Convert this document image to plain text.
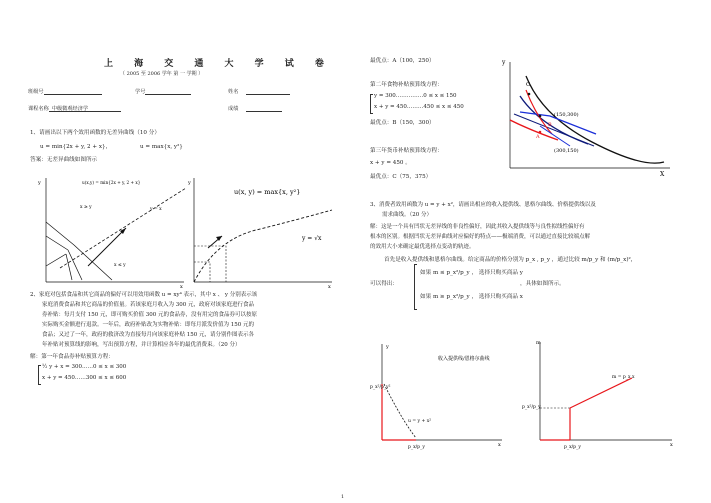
上 海 交 通 大 学 试 卷
（ 2005 至 2006 学年 第 一 学期 ）
班级号	学号	姓名
课程名称 中级微观经济学	成绩
1、请画出以下两个效用函数的无差异曲线（10 分）
u = min{2x + y, 2 + x}，	u = max{x, y²}
答案：无差异曲线如图所示
y
x
u(x,y) = min{2x + y, 2 + x}
x ≥ y	y = x
x ≤ y
y
x
u(x, y) = max{x, y²}
y = √x
2、家庭对包括食品和其它商品的偏好可以用效用函数 u = xy⁴ 表示，其中 x 、 y 分别表示该
家庭消费食品和其它商品的价值量。若该家庭月收入为 300 元，政府对该家庭进行食品
券补贴：每月支付 150 元，即可购买价值 300 元的食品券，没有用完的食品券可以按原
实际购买金额进行退款。一年后，政府补贴改为实物补贴：即每月派发价值为 150 元的
食品；又过了一年，政府的救济改为直接每月向该家庭补贴 150 元，请分别作图表示各
年补贴对预算线的影响，写出预算方程，并计算相应各年的最优消费束。（20 分）
解：第一年食品券补贴预算方程：
½ y + x = 300……0 ≤ x ≤ 300
x + y = 450……300 ≤ x ≤ 600
最优点：A（100，250）
第二年食物补贴预算线方程：
y = 300……………0 ≤ x ≤ 150
x + y = 450………450 ≤ x ≤ 450
最优点：B（150，300）
第三年货币补贴预算线方程：
x + y = 450 。
最优点：C（75，375）
y
X
C
B
A
(150,300)
(300,150)
3、消费者效用函数为 u = y + x²，请画出相应的收入提供线、恩格尔曲线、价格提供线以及
需求曲线。（20 分）
解：这是一个具有凹状无差异线的非良性偏好，因此其收入提供线等与良性拟线性偏好有
根本的区别。根据凹状无差异曲线对应偏好的特点——极端消费，可以通过直接比较端点解
的效用大小来确定最优选择点变动的轨迹。
首先是收入提供线和恩格尔曲线。给定商品的价格分别为 p_x , p_y ，通过比较 m/p_y 和 (m/p_x)²，
可以得出：
如果 m ≤ p_x²/p_y ， 选择只购买商品 y
如果 m ≥ p_x²/p_y ， 选择只购买商品 x
，具体如图所示。
y
x
收入提供线/恩格尔曲线
p_x²/p_y²
p_x/p_y
u = y + x²
m
x
p_x²/p_y
p_x/p_y
m = p_x x
1
